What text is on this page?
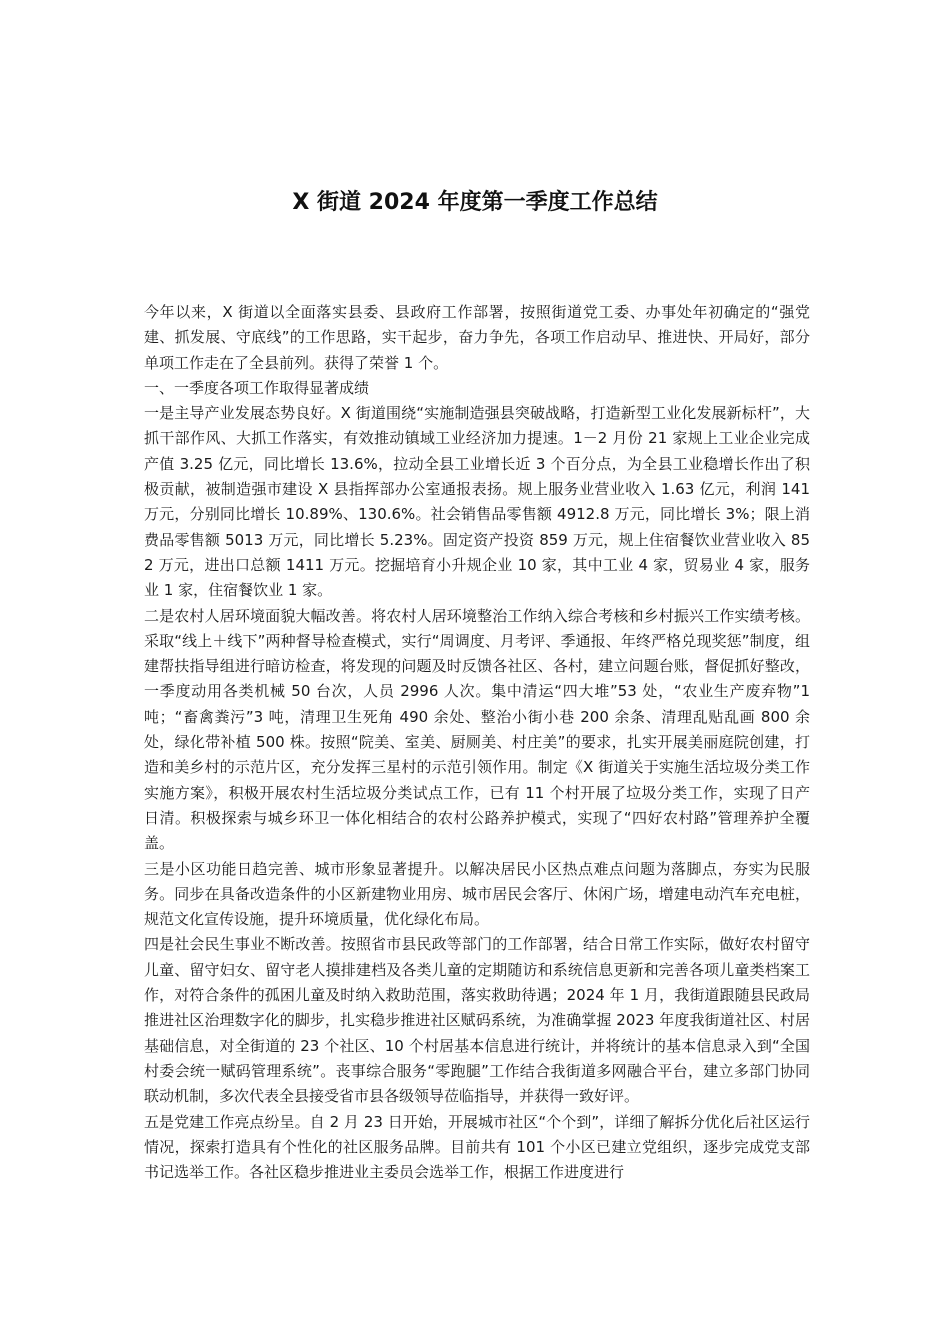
X 街道 2024 年度第一季度工作总结

今年以来，X 街道以全面落实县委、县政府工作部署，按照街道党工委、办事处年初确定的“强党建、抓发展、守底线”的工作思路，实干起步，奋力争先，各项工作启动早、推进快、开局好，部分单项工作走在了全县前列。获得了荣誉 1 个。

一、一季度各项工作取得显著成绩

一是主导产业发展态势良好。X 街道围绕“实施制造强县突破战略，打造新型工业化发展新标杆”，大抓干部作风、大抓工作落实，有效推动镇域工业经济加力提速。1－2 月份 21 家规上工业企业完成产值 3.25 亿元，同比增长 13.6%，拉动全县工业增长近 3 个百分点，为全县工业稳增长作出了积极贡献，被制造强市建设 X 县指挥部办公室通报表扬。规上服务业营业收入 1.63 亿元，利润 141 万元，分别同比增长 10.89%、130.6%。社会销售品零售额 4912.8 万元，同比增长 3%；限上消费品零售额 5013 万元，同比增长 5.23%。固定资产投资 859 万元，规上住宿餐饮业营业收入 852 万元，进出口总额 1411 万元。挖掘培育小升规企业 10 家，其中工业 4 家，贸易业 4 家，服务业 1 家，住宿餐饮业 1 家。

二是农村人居环境面貌大幅改善。将农村人居环境整治工作纳入综合考核和乡村振兴工作实绩考核。采取“线上＋线下”两种督导检查模式，实行“周调度、月考评、季通报、年终严格兑现奖惩”制度，组建帮扶指导组进行暗访检查，将发现的问题及时反馈各社区、各村，建立问题台账，督促抓好整改，一季度动用各类机械 50 台次，人员 2996 人次。集中清运“四大堆”53 处，“农业生产废弃物”1 吨；“畜禽粪污”3 吨，清理卫生死角 490 余处、整治小街小巷 200 余条、清理乱贴乱画 800 余处，绿化带补植 500 株。按照“院美、室美、厨厕美、村庄美”的要求，扎实开展美丽庭院创建，打造和美乡村的示范片区，充分发挥三星村的示范引领作用。制定《X 街道关于实施生活垃圾分类工作实施方案》，积极开展农村生活垃圾分类试点工作，已有 11 个村开展了垃圾分类工作，实现了日产日清。积极探索与城乡环卫一体化相结合的农村公路养护模式，实现了“四好农村路”管理养护全覆盖。

三是小区功能日趋完善、城市形象显著提升。以解决居民小区热点难点问题为落脚点，夯实为民服务。同步在具备改造条件的小区新建物业用房、城市居民会客厅、休闲广场，增建电动汽车充电桩，规范文化宣传设施，提升环境质量，优化绿化布局。

四是社会民生事业不断改善。按照省市县民政等部门的工作部署，结合日常工作实际，做好农村留守儿童、留守妇女、留守老人摸排建档及各类儿童的定期随访和系统信息更新和完善各项儿童类档案工作，对符合条件的孤困儿童及时纳入救助范围，落实救助待遇；2024 年 1 月，我街道跟随县民政局推进社区治理数字化的脚步，扎实稳步推进社区赋码系统，为准确掌握 2023 年度我街道社区、村居基础信息，对全街道的 23 个社区、10 个村居基本信息进行统计，并将统计的基本信息录入到“全国村委会统一赋码管理系统”。丧事综合服务“零跑腿”工作结合我街道多网融合平台，建立多部门协同联动机制，多次代表全县接受省市县各级领导莅临指导，并获得一致好评。

五是党建工作亮点纷呈。自 2 月 23 日开始，开展城市社区“个个到”，详细了解拆分优化后社区运行情况，探索打造具有个性化的社区服务品牌。目前共有 101 个小区已建立党组织，逐步完成党支部书记选举工作。各社区稳步推进业主委员会选举工作，根据工作进度进行
